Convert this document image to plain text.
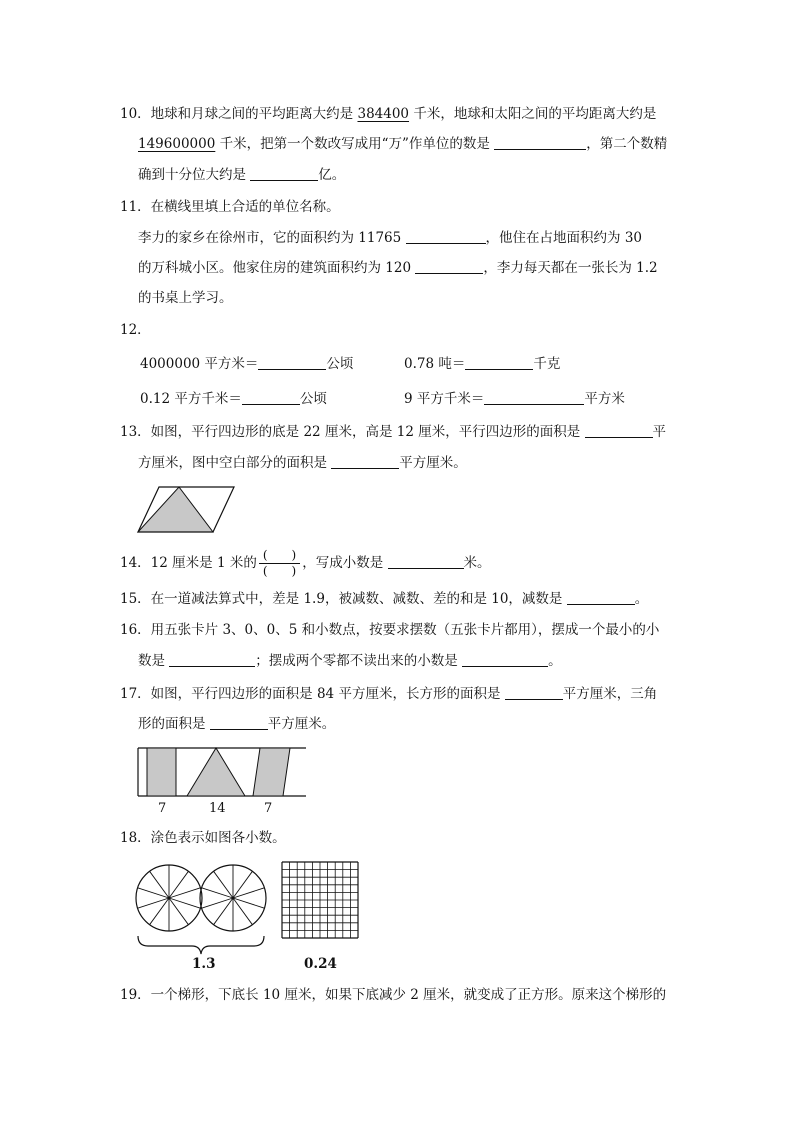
10．地球和月球之间的平均距离大约是 384400 千米，地球和太阳之间的平均距离大约是
149600000 千米，把第一个数改写成用“万”作单位的数是	，第二个数精
确到十分位大约是	亿。
11．在横线里填上合适的单位名称。
李力的家乡在徐州市，它的面积约为 11765	，他住在占地面积约为 30
的万科城小区。他家住房的建筑面积约为 120	，李力每天都在一张长为 1.2
的书桌上学习。
12．
4000000 平方米＝	公顷	0.78 吨＝	千克
0.12 平方千米＝	公顷	9 平方千米＝	平方米
13．如图，平行四边形的底是 22 厘米，高是 12 厘米，平行四边形的面积是	平
方厘米，图中空白部分的面积是	平方厘米。
14．12 厘米是 1 米的 $\frac{( )}{( )}$ ，写成小数是	米。
15．在一道减法算式中，差是 1.9，被减数、减数、差的和是 10，减数是	。
16．用五张卡片 3、0、0、5 和小数点，按要求摆数（五张卡片都用），摆成一个最小的小
数是	；摆成两个零都不读出来的小数是	。
17．如图，平行四边形的面积是 84 平方厘米，长方形的面积是	平方厘米，三角
形的面积是	平方厘米。
7	14	7
18．涂色表示如图各小数。
1.3	0.24
19．一个梯形，下底长 10 厘米，如果下底减少 2 厘米，就变成了正方形。原来这个梯形的
